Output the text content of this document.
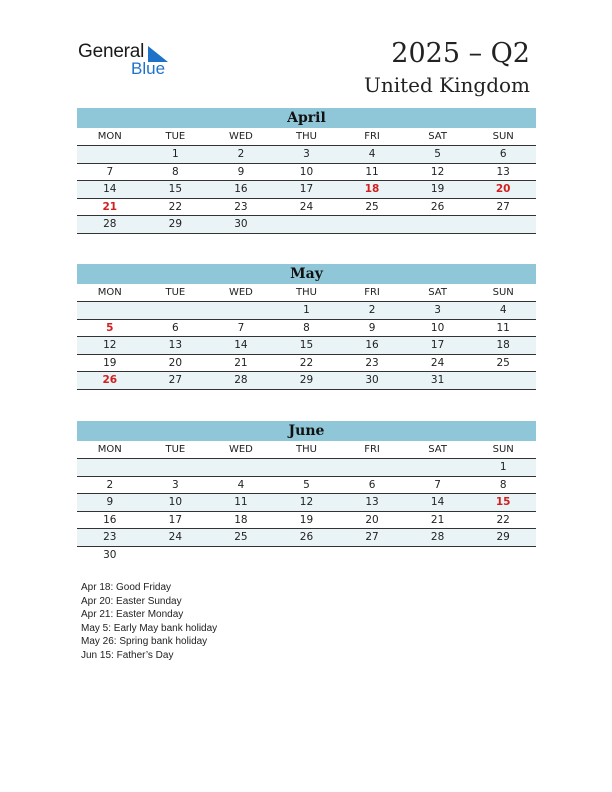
General
Blue	2025 – Q2
United Kingdom
April
MON	TUE	WED	THU	FRI	SAT	SUN
	1	2	3	4	5	6
7	8	9	10	11	12	13
14	15	16	17	18	19	20
21	22	23	24	25	26	27
28	29	30				
May
MON	TUE	WED	THU	FRI	SAT	SUN
			1	2	3	4
5	6	7	8	9	10	11
12	13	14	15	16	17	18
19	20	21	22	23	24	25
26	27	28	29	30	31	
June
MON	TUE	WED	THU	FRI	SAT	SUN
						1
2	3	4	5	6	7	8
9	10	11	12	13	14	15
16	17	18	19	20	21	22
23	24	25	26	27	28	29
30						
Apr 18: Good Friday
Apr 20: Easter Sunday
Apr 21: Easter Monday
May 5: Early May bank holiday
May 26: Spring bank holiday
Jun 15: Father’s Day
